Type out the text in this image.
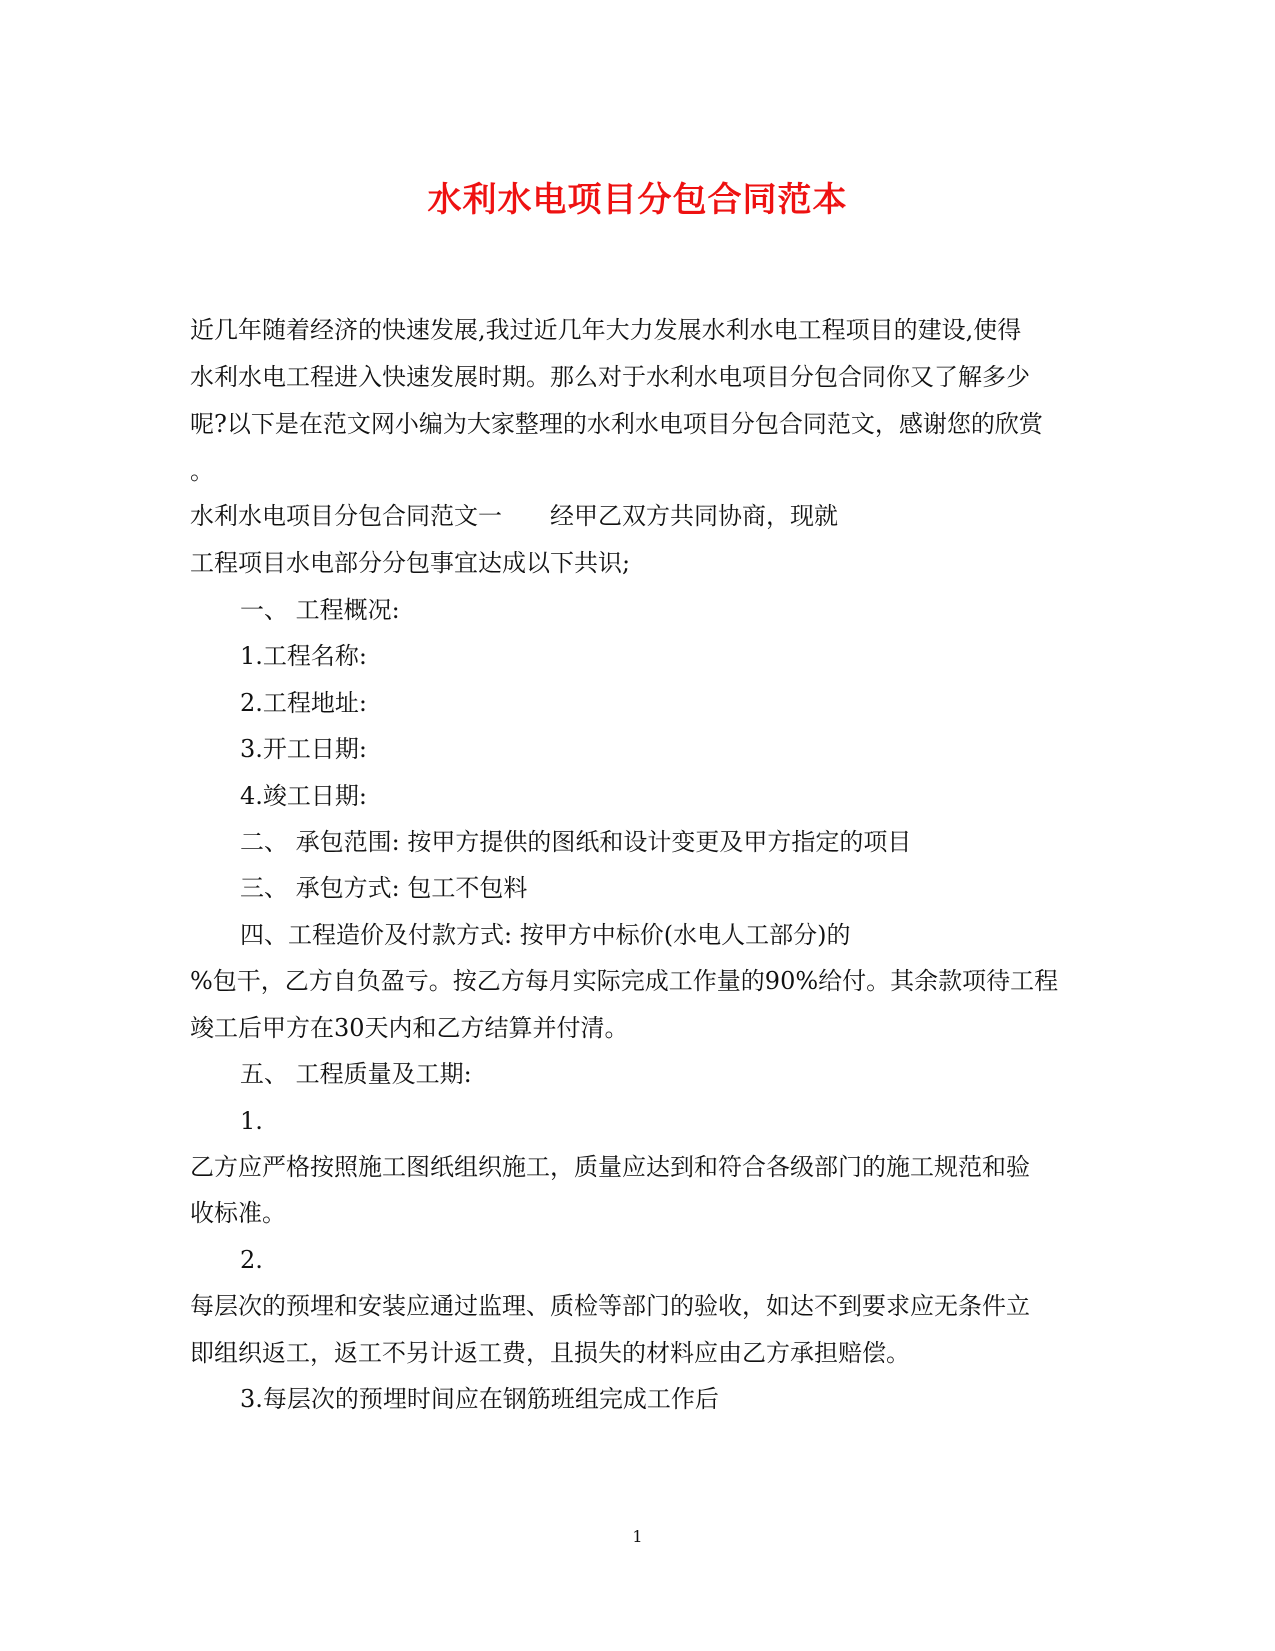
水利水电项目分包合同范本
近几年随着经济的快速发展,我过近几年大力发展水利水电工程项目的建设,使得
水利水电工程进入快速发展时期。那么对于水利水电项目分包合同你又了解多少
呢?以下是在范文网小编为大家整理的水利水电项目分包合同范文，感谢您的欣赏
。
水利水电项目分包合同范文一 经甲乙双方共同协商，现就
工程项目水电部分分包事宜达成以下共识;
一、 工程概况:
1.工程名称:
2.工程地址:
3.开工日期:
4.竣工日期:
二、 承包范围: 按甲方提供的图纸和设计变更及甲方指定的项目
三、 承包方式: 包工不包料
四、工程造价及付款方式: 按甲方中标价(水电人工部分)的
%包干，乙方自负盈亏。按乙方每月实际完成工作量的90%给付。其余款项待工程
竣工后甲方在30天内和乙方结算并付清。
五、 工程质量及工期:
1.
乙方应严格按照施工图纸组织施工，质量应达到和符合各级部门的施工规范和验
收标准。
2.
每层次的预埋和安装应通过监理、质检等部门的验收，如达不到要求应无条件立
即组织返工，返工不另计返工费，且损失的材料应由乙方承担赔偿。
3.每层次的预埋时间应在钢筋班组完成工作后
1
